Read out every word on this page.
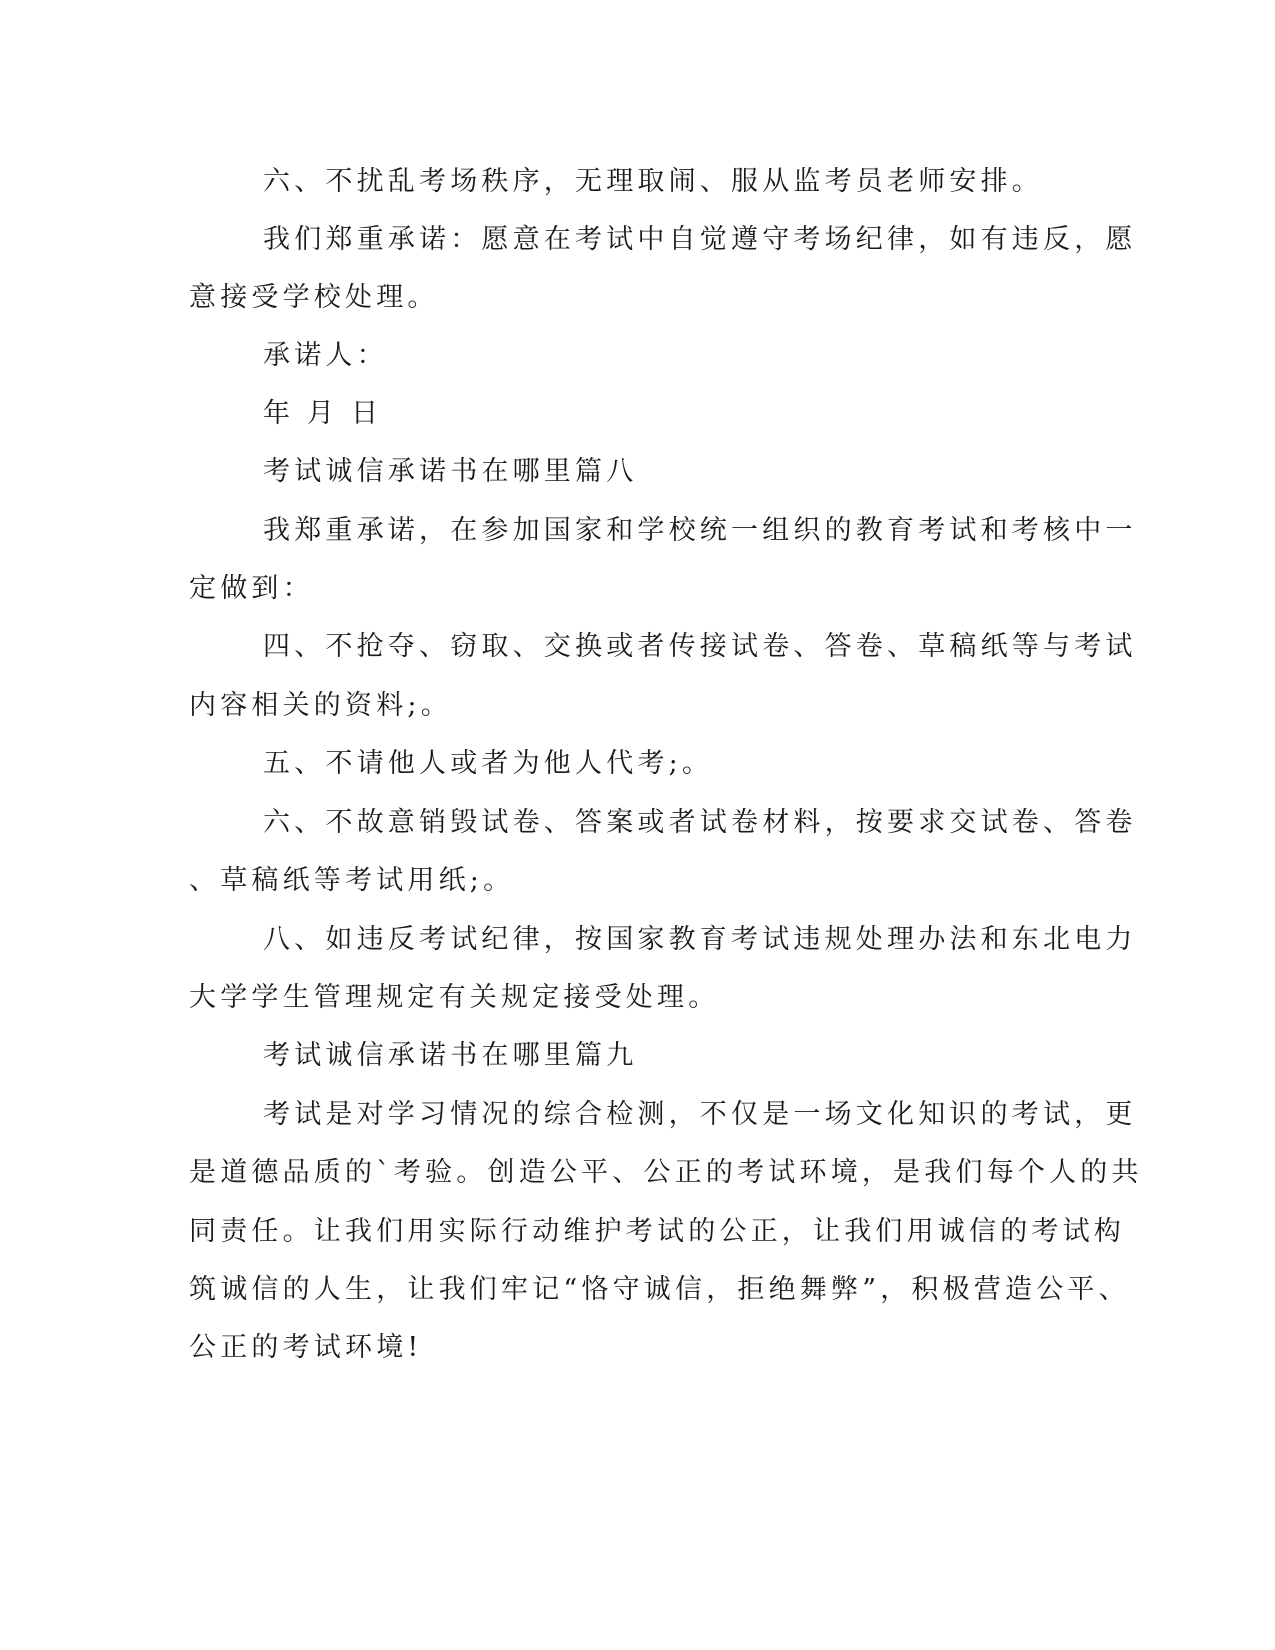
六、不扰乱考场秩序，无理取闹、服从监考员老师安排。
我们郑重承诺：愿意在考试中自觉遵守考场纪律，如有违反，愿
意接受学校处理。
承诺人：
年 月 日
考试诚信承诺书在哪里篇八
我郑重承诺，在参加国家和学校统一组织的教育考试和考核中一
定做到：
四、不抢夺、窃取、交换或者传接试卷、答卷、草稿纸等与考试
内容相关的资料;。
五、不请他人或者为他人代考;。
六、不故意销毁试卷、答案或者试卷材料，按要求交试卷、答卷
、草稿纸等考试用纸;。
八、如违反考试纪律，按国家教育考试违规处理办法和东北电力
大学学生管理规定有关规定接受处理。
考试诚信承诺书在哪里篇九
考试是对学习情况的综合检测，不仅是一场文化知识的考试，更
是道德品质的`考验。创造公平、公正的考试环境，是我们每个人的共
同责任。让我们用实际行动维护考试的公正，让我们用诚信的考试构
筑诚信的人生，让我们牢记“恪守诚信，拒绝舞弊”，积极营造公平、
公正的考试环境!
